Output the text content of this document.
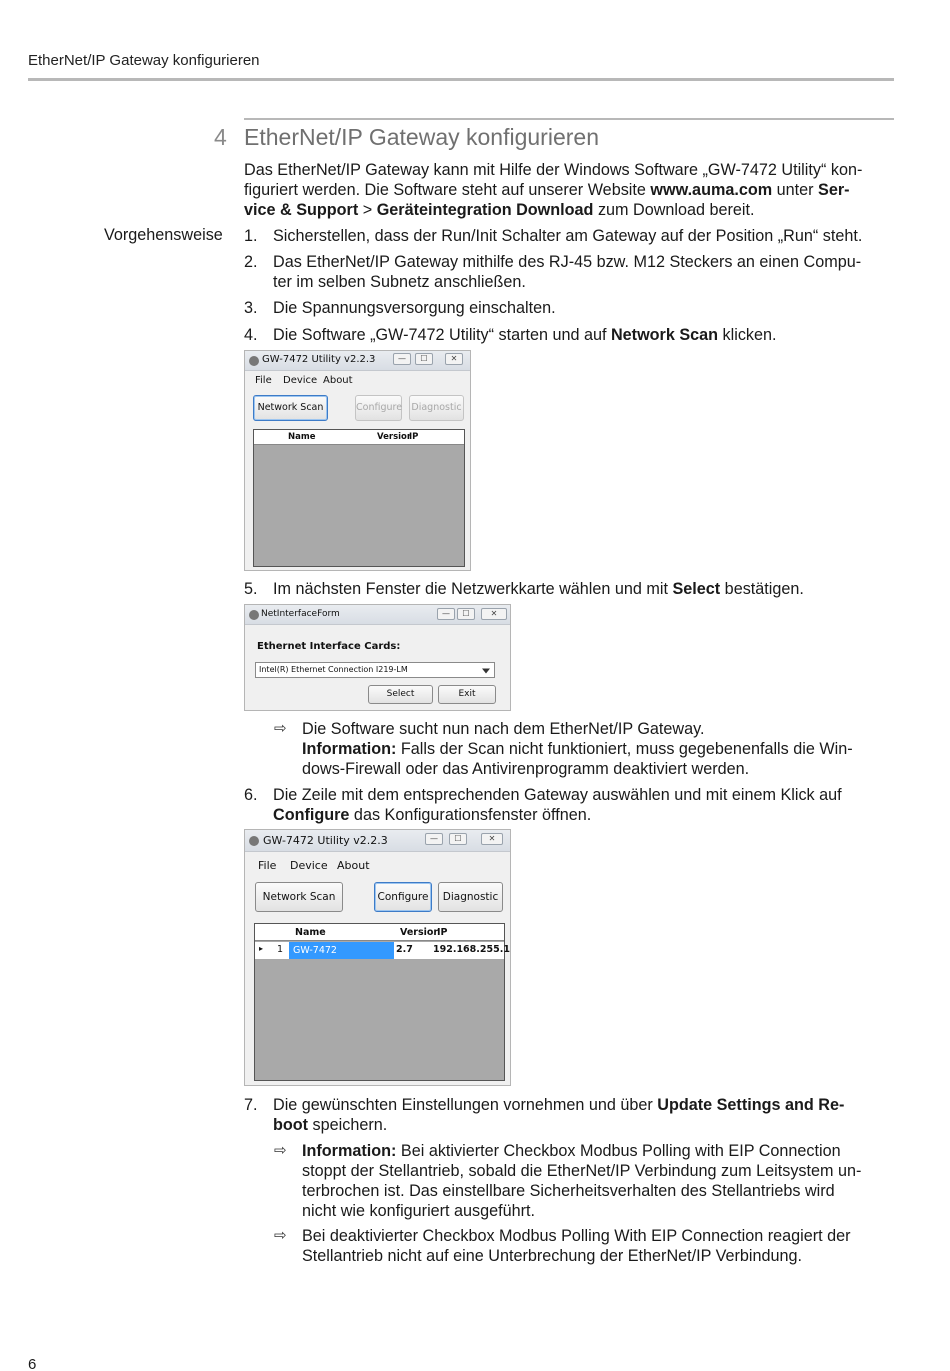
EtherNet/IP Gateway konfigurieren
4 EtherNet/IP Gateway konfigurieren
Das EtherNet/IP Gateway kann mit Hilfe der Windows Software „GW-7472 Utility“ kon-
figuriert werden. Die Software steht auf unserer Website www.auma.com unter Ser-
vice & Support > Geräteintegration Download zum Download bereit.
Vorgehensweise 1. Sicherstellen, dass der Run/Init Schalter am Gateway auf der Position „Run“ steht.
2. Das EtherNet/IP Gateway mithilfe des RJ-45 bzw. M12 Steckers an einen Compu-
ter im selben Subnetz anschließen.
3. Die Spannungsversorgung einschalten.
4. Die Software „GW-7472 Utility“ starten und auf Network Scan klicken.
GW-7472 Utility v2.2.3	—	☐	✕
File Device About
Network Scan	Configure Diagnostic
Name	Versior
IP
5. Im nächsten Fenster die Netzwerkkarte wählen und mit Select bestätigen.
NetInterfaceForm	—	☐	✕
Ethernet Interface Cards:
Intel(R) Ethernet Connection I219-LM
Select	Exit
⇨ Die Software sucht nun nach dem EtherNet/IP Gateway.
Information: Falls der Scan nicht funktioniert, muss gegebenenfalls die Win-
dows-Firewall oder das Antivirenprogramm deaktiviert werden.
6. Die Zeile mit dem entsprechenden Gateway auswählen und mit einem Klick auf
Configure das Konfigurationsfenster öffnen.
GW-7472 Utility v2.2.3	—	☐	✕
File Device About
Network Scan	Configure	Diagnostic
Name	Versior
IP
▸ 1	GW-7472	2.7 192.168.255.1
7. Die gewünschten Einstellungen vornehmen und über Update Settings and Re-
boot speichern.
⇨ Information: Bei aktivierter Checkbox Modbus Polling with EIP Connection
stoppt der Stellantrieb, sobald die EtherNet/IP Verbindung zum Leitsystem un-
terbrochen ist. Das einstellbare Sicherheitsverhalten des Stellantriebs wird
nicht wie konfiguriert ausgeführt.
⇨ Bei deaktivierter Checkbox Modbus Polling With EIP Connection reagiert der
Stellantrieb nicht auf eine Unterbrechung der EtherNet/IP Verbindung.
6
